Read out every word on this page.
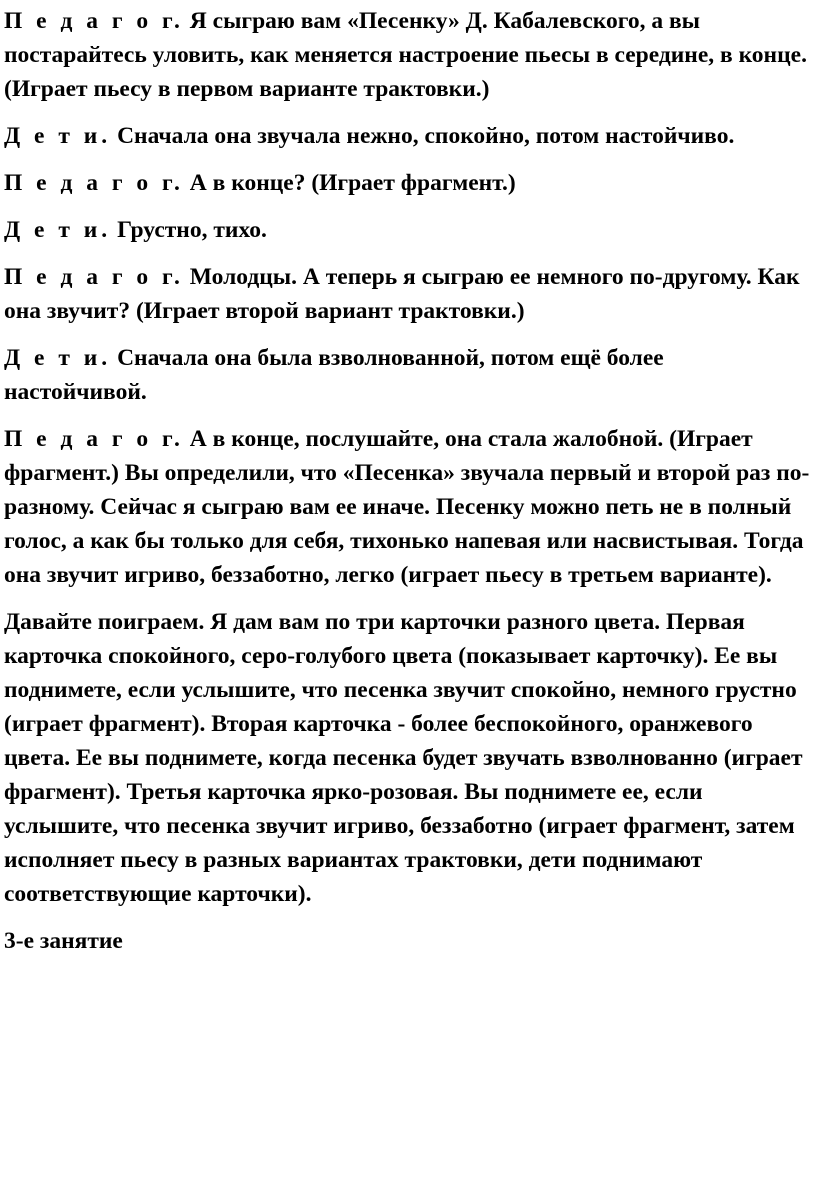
П е д а г о г. Я сыграю вам «Песенку» Д. Кабалевского, а вы постарайтесь уловить, как меняется настроение пьесы в середине, в конце. (Играет пьесу в первом варианте трактовки.)

Д е т и. Сначала она звучала нежно, спокойно, потом настойчиво.

П е д а г о г. А в конце? (Играет фрагмент.)

Д е т и. Грустно, тихо.

П е д а г о г. Молодцы. А теперь я сыграю ее немного по-другому. Как она звучит? (Играет второй вариант трактовки.)

Д е т и. Сначала она была взволнованной, потом ещё более настойчивой.

П е д а г о г. А в конце, послушайте, она стала жалобной. (Играет фрагмент.) Вы определили, что «Песенка» звучала первый и второй раз по-разному. Сейчас я сыграю вам ее иначе. Песенку можно петь не в полный голос, а как бы только для себя, тихонько напевая или насвистывая. Тогда она звучит игриво, беззаботно, легко (играет пьесу в третьем варианте).

Давайте поиграем. Я дам вам по три карточки разного цвета. Первая карточка спокойного, серо-голубого цвета (показывает карточку). Ее вы поднимете, если услышите, что песенка звучит спокойно, немного грустно (играет фрагмент). Вторая карточка - более беспокойного, оранжевого цвета. Ее вы поднимете, когда песенка будет звучать взволнованно (играет фрагмент). Третья карточка ярко-розовая. Вы поднимете ее, если услышите, что песенка звучит игриво, беззаботно (играет фрагмент, затем исполняет пьесу в разных вариантах трактовки, дети поднимают соответствующие карточки).

3-е занятие
